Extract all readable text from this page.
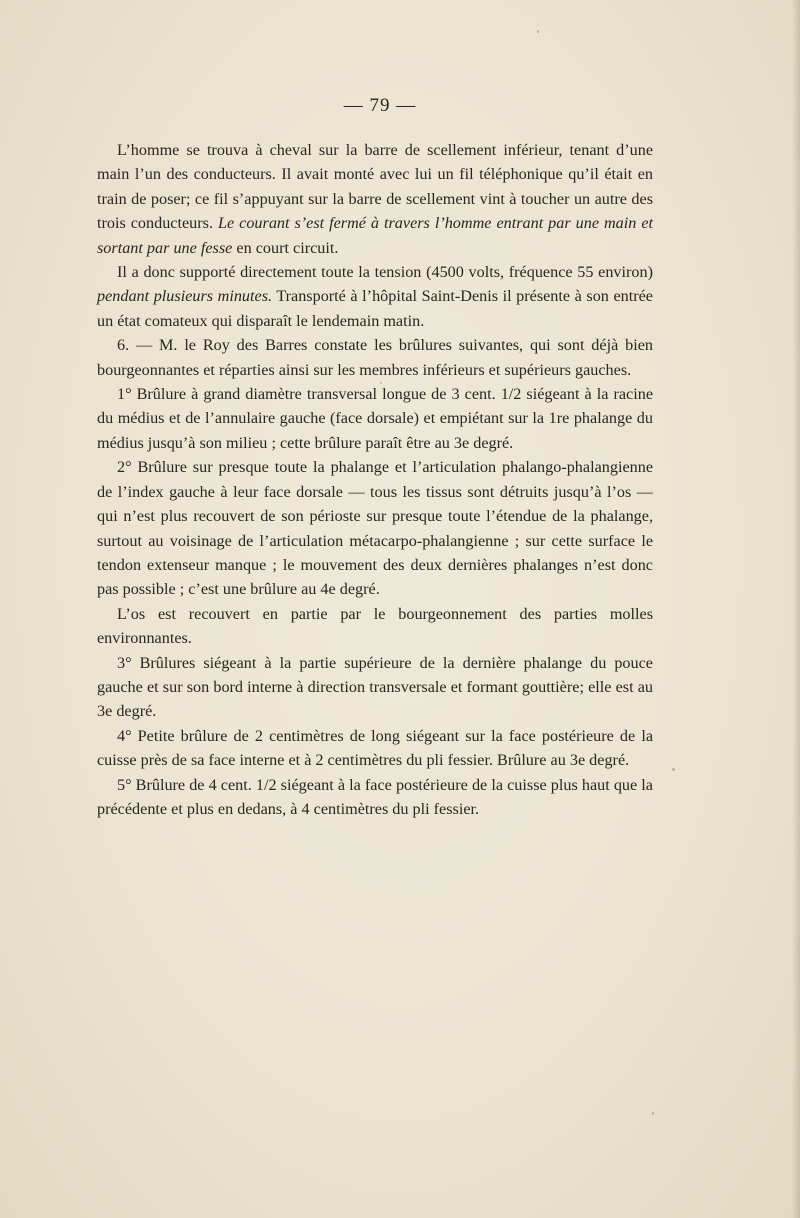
— 79 —

L’homme se trouva à cheval sur la barre de scellement inférieur, tenant d’une main l’un des conducteurs. Il avait monté avec lui un fil téléphonique qu’il était en train de poser; ce fil s’appuyant sur la barre de scellement vint à toucher un autre des trois conducteurs. Le courant s’est fermé à travers l’homme entrant par une main et sortant par une fesse en court circuit.

Il a donc supporté directement toute la tension (4500 volts, fréquence 55 environ) pendant plusieurs minutes. Transporté à l’hôpital Saint-Denis il présente à son entrée un état comateux qui disparaît le lendemain matin.

6. — M. le Roy des Barres constate les brûlures suivantes, qui sont déjà bien bourgeonnantes et réparties ainsi sur les membres inférieurs et supérieurs gauches.

1° Brûlure à grand diamètre transversal longue de 3 cent. 1/2 siégeant à la racine du médius et de l’annulaire gauche (face dorsale) et empiétant sur la 1re phalange du médius jusqu’à son milieu ; cette brûlure paraît être au 3e degré.

2° Brûlure sur presque toute la phalange et l’articulation phalango-phalangienne de l’index gauche à leur face dorsale — tous les tissus sont détruits jusqu’à l’os — qui n’est plus recouvert de son périoste sur presque toute l’étendue de la phalange, surtout au voisinage de l’articulation métacarpo-phalangienne ; sur cette surface le tendon extenseur manque ; le mouvement des deux dernières phalanges n’est donc pas possible ; c’est une brûlure au 4e degré.

L’os est recouvert en partie par le bourgeonnement des parties molles environnantes.

3° Brûlures siégeant à la partie supérieure de la dernière phalange du pouce gauche et sur son bord interne à direction transversale et formant gouttière; elle est au 3e degré.

4° Petite brûlure de 2 centimètres de long siégeant sur la face postérieure de la cuisse près de sa face interne et à 2 centimètres du pli fessier. Brûlure au 3e degré.

5° Brûlure de 4 cent. 1/2 siégeant à la face postérieure de la cuisse plus haut que la précédente et plus en dedans, à 4 centimètres du pli fessier.
